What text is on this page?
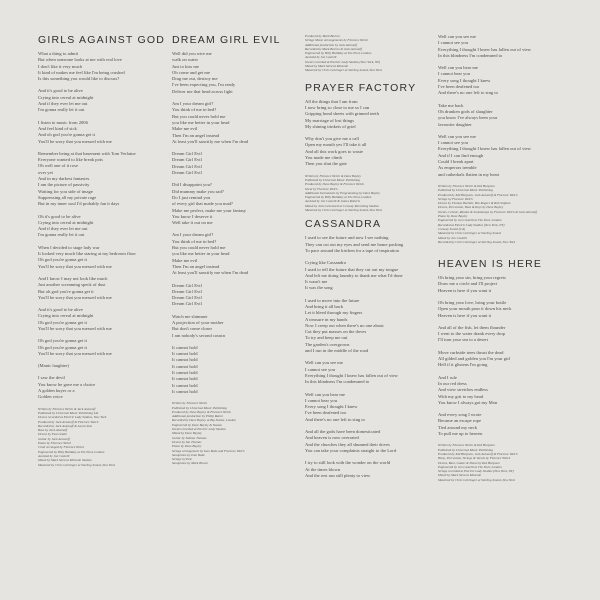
GIRLS AGAINST GOD
What a thing to admit
But when someone looks at me with real love
I don't like it very much
It kind of makes me feel like I'm being crushed
Is this something you would like to discuss?
And it's good to be alive
Crying into cereal at midnight
And if they ever let me out
I'm gonna really let it out
I listen to music from 2006
And feel kind of sick
And oh god you're gonna get it
You'll be sorry that you messed with me
Remember being at that basement with Tom Verlaine
Everyone wanted to like break pots
Oh well one of it rose
over yet
And in my darkest fantasies
I am the picture of passivity
Waiting for you side of image
Suppressing all my private rage
But in my inner soul I'd probably fan it days
Oh it's good to be alive
Crying into cereal at midnight
And if they ever let me out
I'm gonna really let it out
When I decided to stage lady war
It looked very much like staring at my bedroom floor
Oh god you're gonna get it
You'll be sorry that you messed with me
And I know I may not look like much
Just another screaming speck of dust
But oh god you're gonna get it
You'll be sorry that you messed with me
And it's good to be alive
Crying into cereal at midnight
Oh god you're gonna get it
You'll be sorry that you messed with me
Oh god you're gonna get it
Oh god you're gonna get it
You'll be sorry that you messed with me
(Manic laughter)
I saw the devil
You know he gave me a choice
A golden buyer or a
Golden voice
Written by Florence Welch & Jack Antonoff
Published by Universal Music Publishing Ltd
Drums recorded at Electric Lady Studios, New York
Produced by Jack Antonoff & Florence Welch
Recorded by Jack Antonoff & Laura Sisk
Bass by Jack Antonoff
Drums by Evan Smith
Guitar by Jack Antonoff
Piano by Florence Welch
Choir arranged by Florence Welch
Engineered by Billy Halliday at The Pool, London
Assisted by Jon Castelli
Mixed by Mark Stent at Mixsuite Studios
Mastered by Chris Gehringer at Sterling Sound, New York
DREAM GIRL EVIL
Well did you wire me
walk on water
Just to kiss me
Oh come and get me
Drag me out, destroy me
I've been expecting you, I'm ready
Deliver me that head across light
Am I your dream girl?
You think of me in bed?
But you could never hold me
you like me better in your head
Make me evil
Then I'm an angel instead
At least you'll sanctify me when I'm dead
Dream Girl Evil
Dream Girl Evil
Dream Girl Evil
Dream Girl Evil
Did I disappoint you?
Did mummy make you sad?
Do I just remind you
of every girl that made you mad?
Make me perfect, make me your fantasy
You know I deserve it
Well take it out on me
Am I your dream girl?
You think of me in bed?
But you could never hold me
you like me better in your head
Make me evil
Then I'm an angel instead
At least you'll sanctify me when I'm dead
Dream Girl Evil
Dream Girl Evil
Dream Girl Evil
Dream Girl Evil
Watch me shimmer
A projection of your mother
But don't come closer
I am nobody's second cousin
It cannot hold
It cannot hold
It cannot hold
It cannot hold
It cannot hold
It cannot hold
It cannot hold
It cannot hold
Written by Florence Welch
Published by Universal Music Publishing
Produced by Dave Bayley & Florence Welch
Additional production by Philip Raimi
Recorded by Dave Bayley at Big Smoke, London
Engineered by Dave Bayley & Nastas
Vocals recorded at Electric Lady Studios
Mixed by Dave Bayley
Guitar by Nathan Thomas
Drums by Ian Thomas
Piano by Dave Bayley
Strings arrangement by Ivan Bode and Florence Welch
Saxophone by Ivan Bode
Strings by Pete
Saxophone by Mark Brown
Produced by Mark Barron
Strings Music Arrangements by Florence Welch
Additional production by Jack Antonoff
Recorded by Mark Barron & Jack Antonoff
Engineered by Billy Halliday at The Pool, London
Assisted by Jon Castelli
Vocals recorded at Electric Lady Studios (New York, NY)
Mixed by Mark Stent at Mixsuite
Mastered by Chris Gehringer at Sterling Sound, New York
PRAYER FACTORY
All the things that I am from
I now bring so close to me so I can
Gripping bond sheets with grinned teeth
My marriage of lost things
My shining trinkets of grief
Why don't you give me a call
Open my mouth yes I'll take it all
And all this work goes to waste
You made me climb
Then you shut the gate
Written by Florence Welch & Dave Bayley
Published by Universal Music Publishing
Produced by Dave Bayley & Florence Welch
Vocal by Florence Welch
Additional Instruments by Programming by Dave Bayley
Engineered by Billy Halliday at The Pool, London
Assisted by Jon Castelli & James Roberts
Mixed by John Greenwell at Conway Recording Studios
Mastered by Chris Gehringer at Sterling Sound, New York
CASSANDRA
I used to see the future and now I see nothing
They can cut out my eyes and send me home packing
To pace around the kitchen for a tape of inspiration
Crying like Cassandra
I used to tell the future that they cut out my tongue
And left me doing laundry to thank me what I'd done
It wasn't me
It was the song
I used to move into the future
And bring it all back
Let it bleed through my fingers
A treasure in my hands
Now I creep out when there's no one about
Cut they put masses on the doves
To try and keep me out
The garden's overgrown
and I run in the middle of the road
Well can you see me
I cannot see you
Everything I thought I knew has fallen out of view
In this blindness I'm condemned to
Well can you hear me
I cannot hear you
Every song I thought I knew
I've been deafened too
And there's no one left to sing to
And all the gods have been domesticated
And heaven is now overrated
And the churches they all shunned their doves
You can take your complaints straight to the Lord
I try to still look with the wonder on the world
At the times blown
And the rest run still plenty to view
Well can you see me
I cannot see you
Everything I thought I knew has fallen out of view
In this blindness I'm condemned to
Well can you hear me
I cannot hear you
Every song I thought I knew
I've been deafened too
And there's no one left to sing to
Take me back
Oh drunken gods of slaughter
you know I've always been your
favourite daughter
Well can you see me
I cannot see you
Everything I thought I knew has fallen out of view
And if I can find enough
Could I break apart
As emperors tremble
and cathedrals flatten in my heart
Written by Florence Welch & Kid Harpoon
Published by Universal Music Publishing
Produced by Kid Harpoon, Jack Antonoff & Florence Welch
Strings by Florence Welch
Drums by Thomas Bartlett, Ben Rogers & Rob Shipton
Drums, Percussion, Bass & Keys by Dave Bayley
Vocals, Celeste, Rhodes & Soundscape by Florence Welch & Jack Antonoff
Piano by Dave Bayley
Engineered by Jon Castelli at The Pool, London
Recorded at Electric Lady Studios (New York, NY)
Conway Sound (CA)
Mastered by Chris Gehringer at Sterling Sound
Mixed by Jon Castelli
Recorded by Chris Gehringer at Sterling Sound, New York
HEAVEN IS HERE
Oh bring your sin, bring your regrets
Draw me a circle and I'll project
Heaven is here if you want it
Oh bring your love, bring your bottle
Open your mouth pour it down his neck
Heaven is here if you want it
And all of the fish, let them flounder
I went to the water drank every drop
I'll turn your sea to a desert
Move curbside trees thrust the dead
All gilded and golden you I'm your girl
Hell if it glistens I'm going
And I rule
In our red dress
And view stretches endless
With my grit to my head
You know I always got my Mon
And every song I wrote
Became an escape rope
Tied around my neck
To pull me up to heaven
Written by Florence Welch & Kid Harpoon
Published by Universal Music Publishing
Produced by Kid Harpoon, Jack Antonoff & Florence Welch
Harp, Percussion, Strings & Vocals by Florence Welch
Drums, Bass, Guitar & Piano by Kid Harpoon
Engineered by Jon Castelli at The Pool, London
Strings recorded at Electric Lady Studios (New York, NY)
Mixed by Mark Stent at Mixsuite
Mastered by Chris Gehringer at Sterling Sound, New York
